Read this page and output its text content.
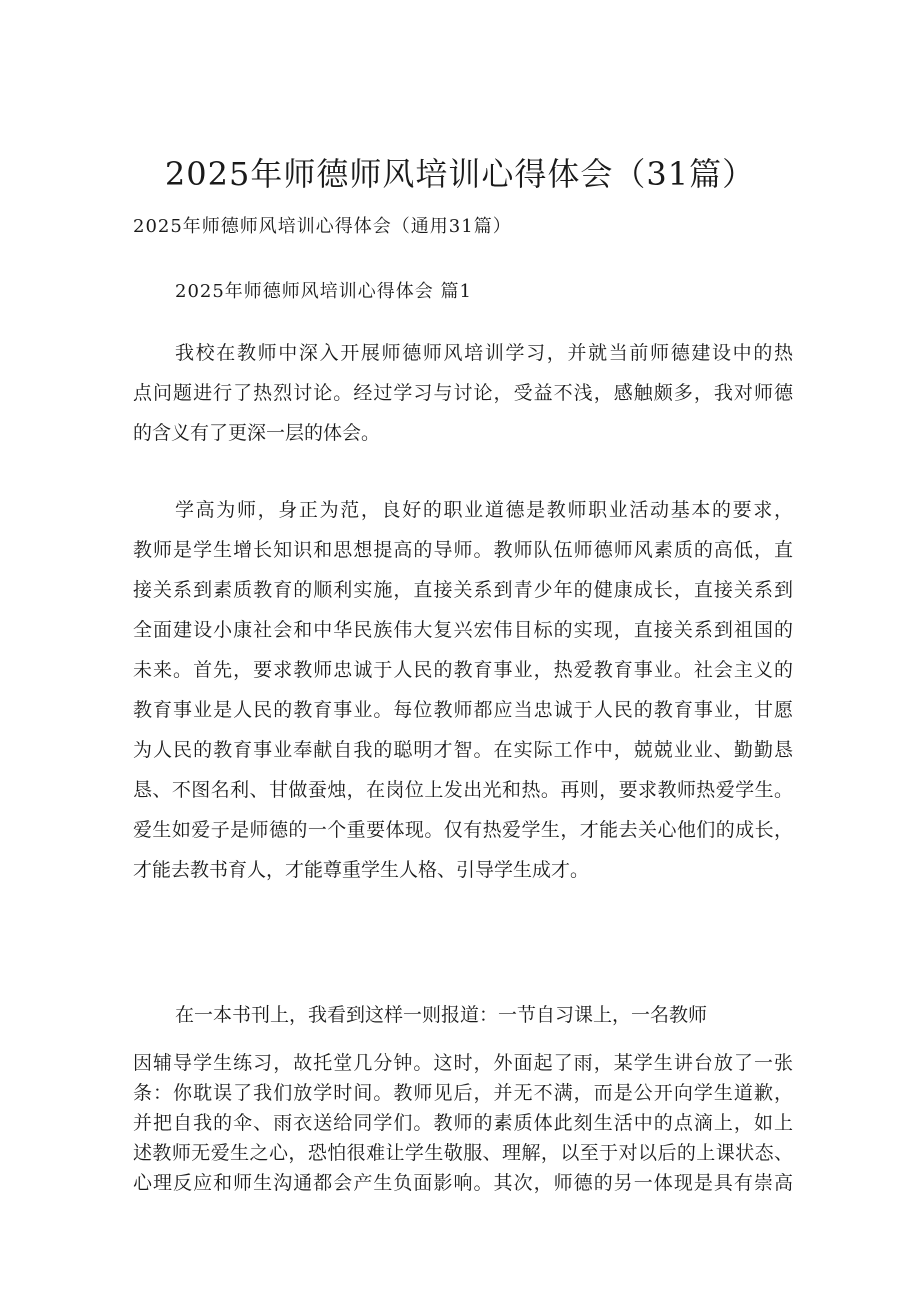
2025年师德师风培训心得体会（31篇）
2025年师德师风培训心得体会（通用31篇）
2025年师德师风培训心得体会 篇1
我校在教师中深入开展师德师风培训学习，并就当前师德建设中的热
点问题进行了热烈讨论。经过学习与讨论，受益不浅，感触颇多，我对师德
的含义有了更深一层的体会。
学高为师，身正为范，良好的职业道德是教师职业活动基本的要求，
教师是学生增长知识和思想提高的导师。教师队伍师德师风素质的高低，直
接关系到素质教育的顺利实施，直接关系到青少年的健康成长，直接关系到
全面建设小康社会和中华民族伟大复兴宏伟目标的实现，直接关系到祖国的
未来。首先，要求教师忠诚于人民的教育事业，热爱教育事业。社会主义的
教育事业是人民的教育事业。每位教师都应当忠诚于人民的教育事业，甘愿
为人民的教育事业奉献自我的聪明才智。在实际工作中，兢兢业业、勤勤恳
恳、不图名利、甘做蚕烛，在岗位上发出光和热。再则，要求教师热爱学生。
爱生如爱子是师德的一个重要体现。仅有热爱学生，才能去关心他们的成长，
才能去教书育人，才能尊重学生人格、引导学生成才。
在一本书刊上，我看到这样一则报道：一节自习课上，一名教师
因辅导学生练习，故托堂几分钟。这时，外面起了雨，某学生讲台放了一张
条：你耽误了我们放学时间。教师见后，并无不满，而是公开向学生道歉，
并把自我的伞、雨衣送给同学们。教师的素质体此刻生活中的点滴上，如上
述教师无爱生之心，恐怕很难让学生敬服、理解，以至于对以后的上课状态、
心理反应和师生沟通都会产生负面影响。其次，师德的另一体现是具有崇高
